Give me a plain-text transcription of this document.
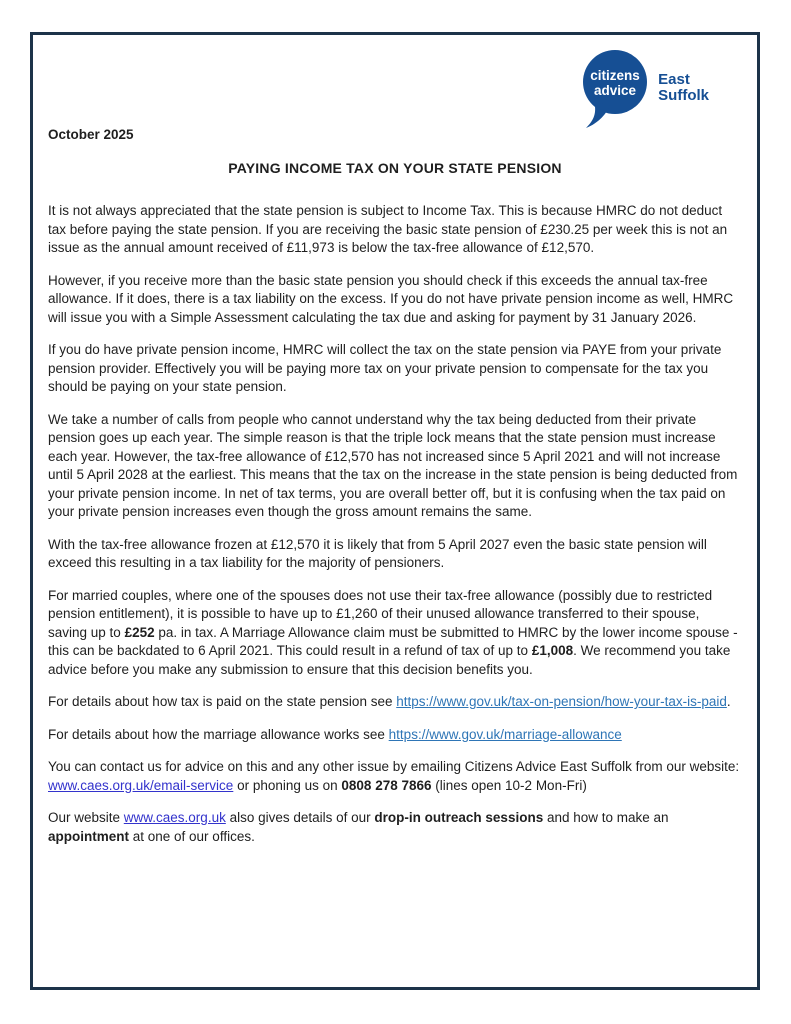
citizens
advice
East
Suffolk
October 2025
PAYING INCOME TAX ON YOUR STATE PENSION

It is not always appreciated that the state pension is subject to Income Tax. This is because HMRC do not deduct tax before paying the state pension. If you are receiving the basic state pension of £230.25 per week this is not an issue as the annual amount received of £11,973 is below the tax-free allowance of £12,570.

However, if you receive more than the basic state pension you should check if this exceeds the annual tax-free allowance. If it does, there is a tax liability on the excess. If you do not have private pension income as well, HMRC will issue you with a Simple Assessment calculating the tax due and asking for payment by 31 January 2026.

If you do have private pension income, HMRC will collect the tax on the state pension via PAYE from your private pension provider. Effectively you will be paying more tax on your private pension to compensate for the tax you should be paying on your state pension.

We take a number of calls from people who cannot understand why the tax being deducted from their private pension goes up each year. The simple reason is that the triple lock means that the state pension must increase each year. However, the tax-free allowance of £12,570 has not increased since 5 April 2021 and will not increase until 5 April 2028 at the earliest. This means that the tax on the increase in the state pension is being deducted from your private pension income. In net of tax terms, you are overall better off, but it is confusing when the tax paid on your private pension increases even though the gross amount remains the same.

With the tax-free allowance frozen at £12,570 it is likely that from 5 April 2027 even the basic state pension will exceed this resulting in a tax liability for the majority of pensioners.

For married couples, where one of the spouses does not use their tax-free allowance (possibly due to restricted pension entitlement), it is possible to have up to £1,260 of their unused allowance transferred to their spouse, saving up to £252 pa. in tax. A Marriage Allowance claim must be submitted to HMRC by the lower income spouse - this can be backdated to 6 April 2021. This could result in a refund of tax of up to £1,008. We recommend you take advice before you make any submission to ensure that this decision benefits you.

For details about how tax is paid on the state pension see https://www.gov.uk/tax-on-pension/how-your-tax-is-paid.

For details about how the marriage allowance works see https://www.gov.uk/marriage-allowance

You can contact us for advice on this and any other issue by emailing Citizens Advice East Suffolk from our website: www.caes.org.uk/email-service or phoning us on 0808 278 7866 (lines open 10-2 Mon-Fri)

Our website www.caes.org.uk also gives details of our drop-in outreach sessions and how to make an appointment at one of our offices.
